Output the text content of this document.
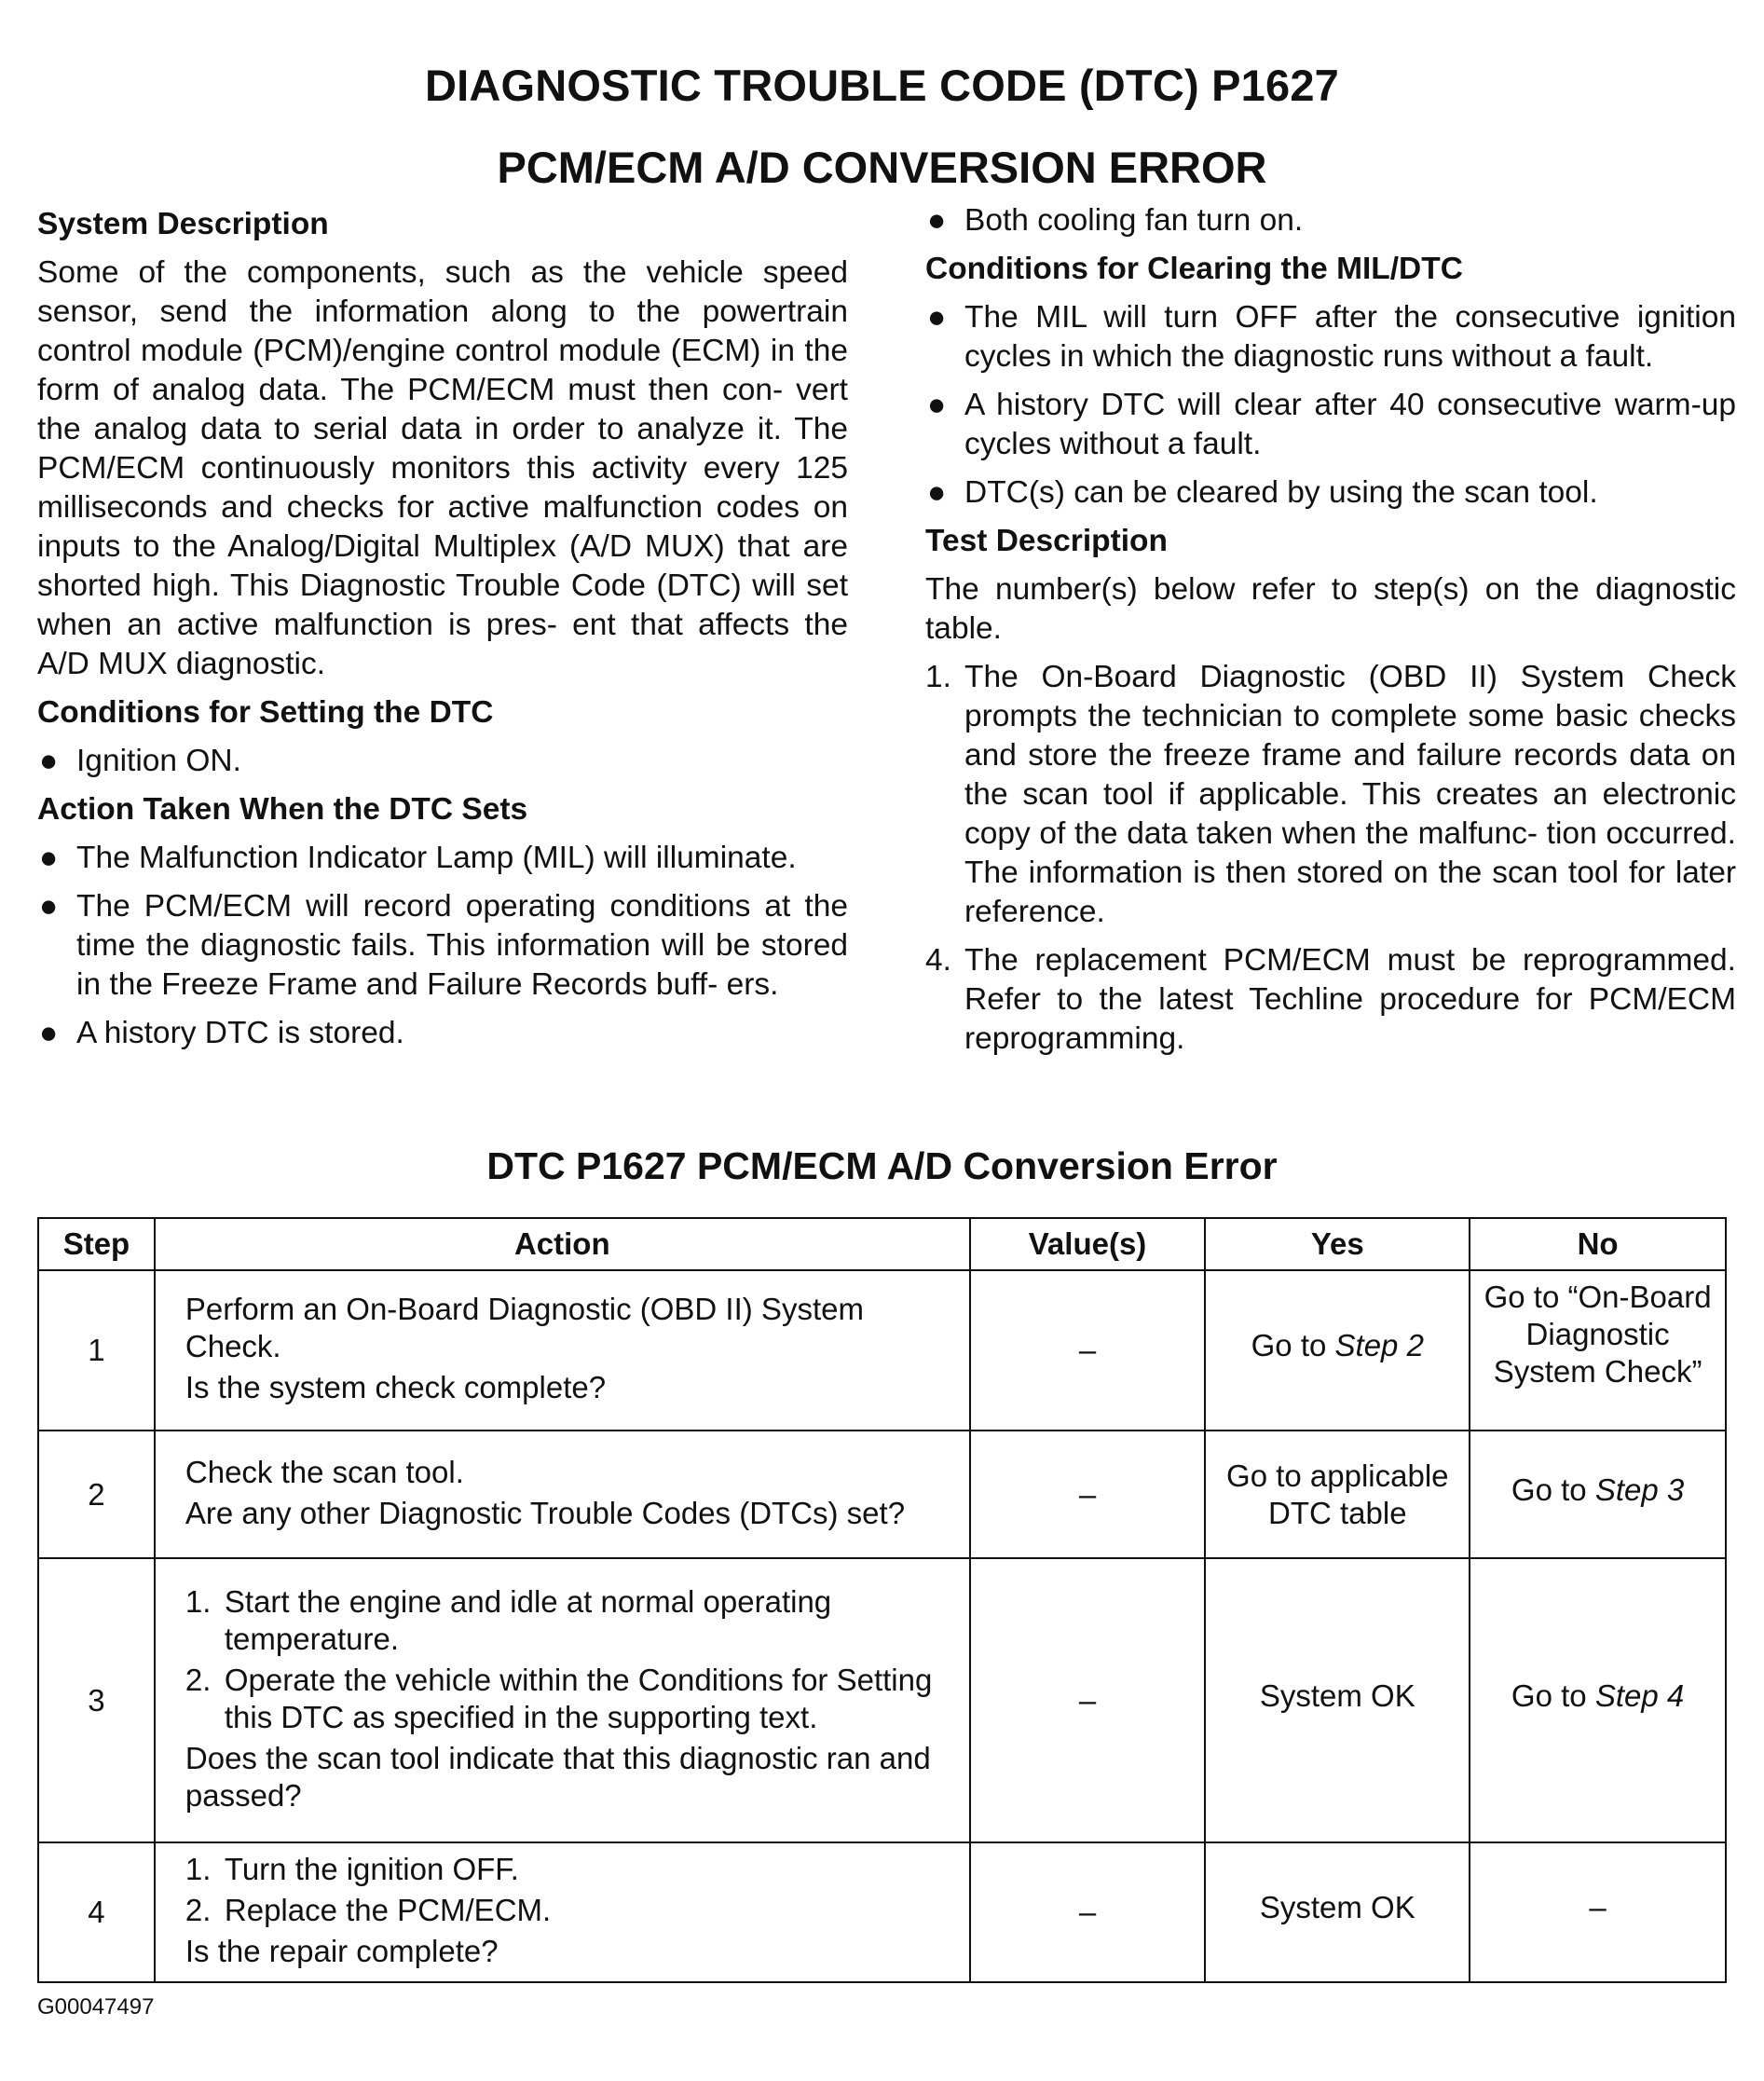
DIAGNOSTIC TROUBLE CODE (DTC) P1627
PCM/ECM A/D CONVERSION ERROR
System Description
Some of the components, such as the vehicle speed sensor, send the information along to the powertrain control module (PCM)/engine control module (ECM) in the form of analog data. The PCM/ECM must then con- vert the analog data to serial data in order to analyze it. The PCM/ECM continuously monitors this activity every 125 milliseconds and checks for active malfunction codes on inputs to the Analog/Digital Multiplex (A/D MUX) that are shorted high. This Diagnostic Trouble Code (DTC) will set when an active malfunction is pres- ent that affects the A/D MUX diagnostic.
Conditions for Setting the DTC
● Ignition ON.
Action Taken When the DTC Sets
● The Malfunction Indicator Lamp (MIL) will illuminate.
● The PCM/ECM will record operating conditions at the time the diagnostic fails. This information will be stored in the Freeze Frame and Failure Records buff- ers.
● A history DTC is stored.
● Both cooling fan turn on.
Conditions for Clearing the MIL/DTC
● The MIL will turn OFF after the consecutive ignition cycles in which the diagnostic runs without a fault.
● A history DTC will clear after 40 consecutive warm-up cycles without a fault.
● DTC(s) can be cleared by using the scan tool.
Test Description
The number(s) below refer to step(s) on the diagnostic table.
1. The On-Board Diagnostic (OBD II) System Check prompts the technician to complete some basic checks and store the freeze frame and failure records data on the scan tool if applicable. This creates an electronic copy of the data taken when the malfunc- tion occurred. The information is then stored on the scan tool for later reference.
4. The replacement PCM/ECM must be reprogrammed. Refer to the latest Techline procedure for PCM/ECM reprogramming.
DTC P1627 PCM/ECM A/D Conversion Error
Step	Action	Value(s)	Yes	No
1	Perform an On-Board Diagnostic (OBD II) System Check.
Is the system check complete?	–	Go to Step 2	Go to “On-Board Diagnostic System Check”
2	Check the scan tool.
Are any other Diagnostic Trouble Codes (DTCs) set?	–	Go to applicable DTC table	Go to Step 3
3	1. Start the engine and idle at normal operating temperature.
2. Operate the vehicle within the Conditions for Setting this DTC as specified in the supporting text.
Does the scan tool indicate that this diagnostic ran and passed?	–	System OK	Go to Step 4
4	1. Turn the ignition OFF.
2. Replace the PCM/ECM.
Is the repair complete?	–	System OK	–
G00047497
